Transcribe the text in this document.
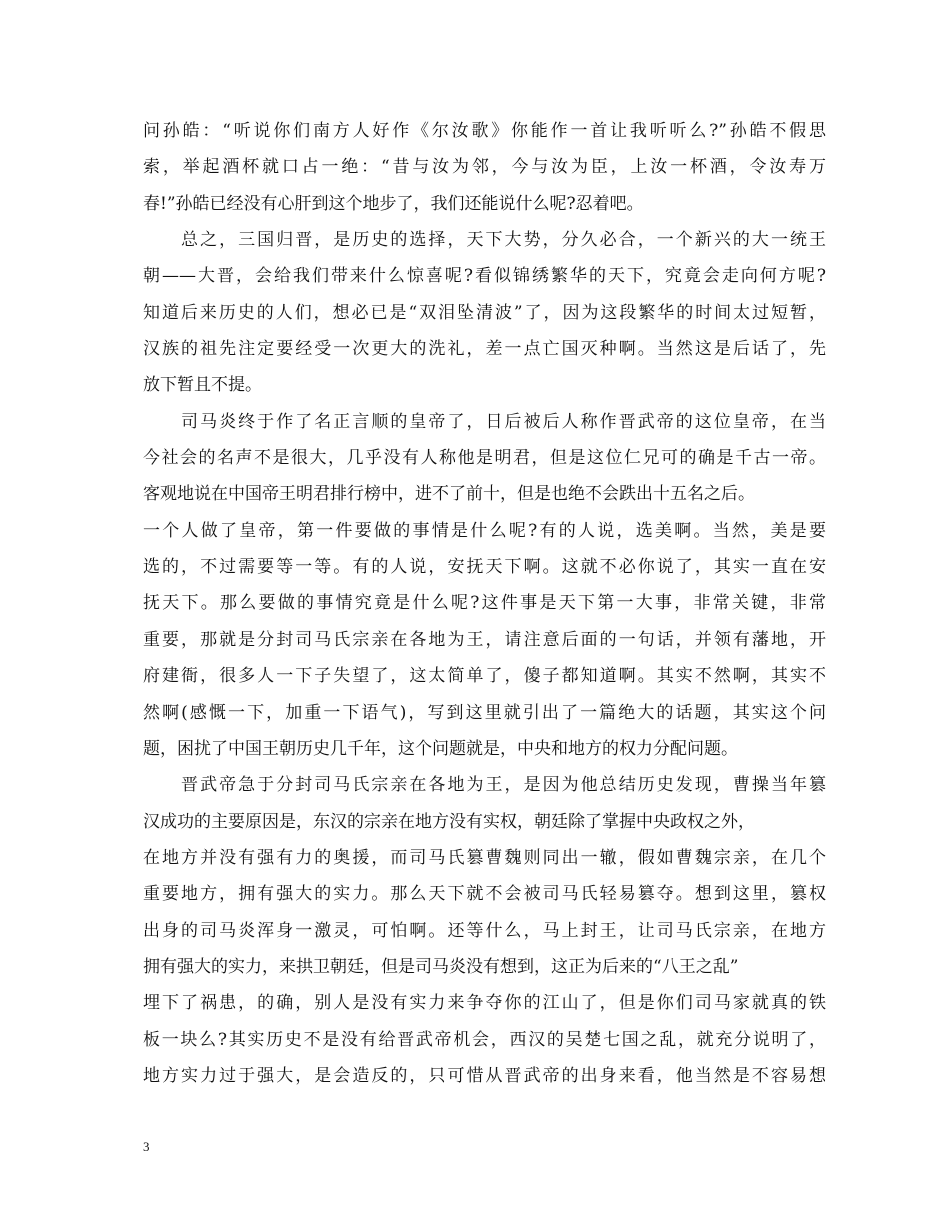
问孙皓：“听说你们南方人好作《尔汝歌》你能作一首让我听听么?”孙皓不假思
索，举起酒杯就口占一绝：“昔与汝为邻，今与汝为臣，上汝一杯酒，令汝寿万
春!”孙皓已经没有心肝到这个地步了，我们还能说什么呢?忍着吧。
　　总之，三国归晋，是历史的选择，天下大势，分久必合，一个新兴的大一统王
朝——大晋，会给我们带来什么惊喜呢?看似锦绣繁华的天下，究竟会走向何方呢?
知道后来历史的人们，想必已是“双泪坠清波”了，因为这段繁华的时间太过短暂，
汉族的祖先注定要经受一次更大的洗礼，差一点亡国灭种啊。当然这是后话了，先
放下暂且不提。
　　司马炎终于作了名正言顺的皇帝了，日后被后人称作晋武帝的这位皇帝，在当
今社会的名声不是很大，几乎没有人称他是明君，但是这位仁兄可的确是千古一帝。
客观地说在中国帝王明君排行榜中，进不了前十，但是也绝不会跌出十五名之后。
一个人做了皇帝，第一件要做的事情是什么呢?有的人说，选美啊。当然，美是要
选的，不过需要等一等。有的人说，安抚天下啊。这就不必你说了，其实一直在安
抚天下。那么要做的事情究竟是什么呢?这件事是天下第一大事，非常关键，非常
重要，那就是分封司马氏宗亲在各地为王，请注意后面的一句话，并领有藩地，开
府建衙，很多人一下子失望了，这太简单了，傻子都知道啊。其实不然啊，其实不
然啊(感慨一下，加重一下语气)，写到这里就引出了一篇绝大的话题，其实这个问
题，困扰了中国王朝历史几千年，这个问题就是，中央和地方的权力分配问题。
　　晋武帝急于分封司马氏宗亲在各地为王，是因为他总结历史发现，曹操当年篡
汉成功的主要原因是，东汉的宗亲在地方没有实权，朝廷除了掌握中央政权之外，
在地方并没有强有力的奥援，而司马氏篡曹魏则同出一辙，假如曹魏宗亲，在几个
重要地方，拥有强大的实力。那么天下就不会被司马氏轻易篡夺。想到这里，篡权
出身的司马炎浑身一激灵，可怕啊。还等什么，马上封王，让司马氏宗亲，在地方
拥有强大的实力，来拱卫朝廷，但是司马炎没有想到，这正为后来的“八王之乱”
埋下了祸患，的确，别人是没有实力来争夺你的江山了，但是你们司马家就真的铁
板一块么?其实历史不是没有给晋武帝机会，西汉的吴楚七国之乱，就充分说明了，
地方实力过于强大，是会造反的，只可惜从晋武帝的出身来看，他当然是不容易想
3
